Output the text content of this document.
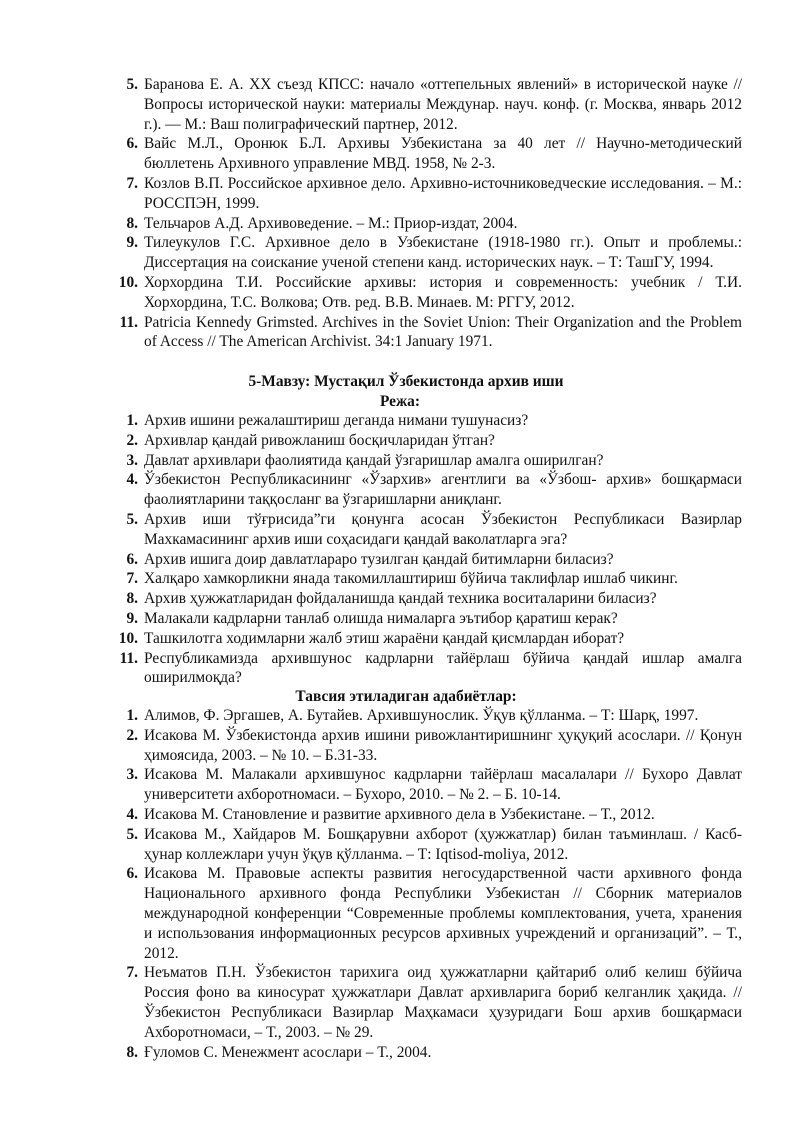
5. Баранова Е. А. XX съезд КПСС: начало «оттепельных явлений» в исторической науке // Вопросы исторической науки: материалы Междунар. науч. конф. (г. Москва, январь 2012 г.). — М.: Ваш полиграфический партнер, 2012.
6. Вайс М.Л., Оронюк Б.Л. Архивы Узбекистана за 40 лет // Научно-методический бюллетень Архивного управление МВД. 1958, № 2-3.
7. Козлов В.П. Российское архивное дело. Архивно-источниковедческие исследования. – М.: РОССПЭН, 1999.
8. Тельчаров А.Д. Архивоведение. – М.: Приор-издат, 2004.
9. Тилеукулов Г.С. Архивное дело в Узбекистане (1918-1980 гг.). Опыт и проблемы.: Диссертация на соискание ученой степени канд. исторических наук. – Т: ТашГУ, 1994.
10. Хорхордина Т.И. Российские архивы: история и современность: учебник / Т.И. Хорхордина, Т.С. Волкова; Отв. ред. В.В. Минаев. М: РГГУ, 2012.
11. Patricia Kennedy Grimsted. Archives in the Soviet Union: Their Organization and the Problem of Access // The American Archivist. 34:1 January 1971.
5-Мавзу: Мустақил Ўзбекистонда архив иши
Режа:
1. Архив ишини режалаштириш деганда нимани тушунасиз?
2. Архивлар қандай ривожланиш босқичларидан ўтган?
3. Давлат архивлари фаолиятида қандай ўзгаришлар амалга оширилган?
4. Ўзбекистон Республикасининг «Ўзархив» агентлиги ва «Ўзбош- архив» бошқармаси фаолиятларини таққосланг ва ўзгаришларни аниқланг.
5. Архив иши тўғрисида”ги қонунга асосан Ўзбекистон Республикаси Вазирлар Махкамасининг архив иши соҳасидаги қандай ваколатларга эга?
6. Архив ишига доир давлатлараро тузилган қандай битимларни биласиз?
7. Халқаро хамкорликни янада такомиллаштириш бўйича таклифлар ишлаб чикинг.
8. Архив ҳужжатларидан фойдаланишда қандай техника воситаларини биласиз?
9. Малакали кадрларни танлаб олишда нималарга эътибор қаратиш керак?
10. Ташкилотга ходимларни жалб этиш жараёни қандай қисмлардан иборат?
11. Республикамизда архившунос кадрларни тайёрлаш бўйича қандай ишлар амалга оширилмоқда?
Тавсия этиладиган адабиётлар:
1. Алимов, Ф. Эргашев, А. Бутайев. Архившунослик. Ўқув қўлланма. – Т: Шарқ, 1997.
2. Исакова М. Ўзбекистонда архив ишини ривожлантиришнинг ҳуқуқий асослари. // Қонун ҳимоясида, 2003. – № 10. – Б.31-33.
3. Исакова М. Малакали архившунос кадрларни тайёрлаш масалалари // Бухоро Давлат университети ахборотномаси. – Бухоро, 2010. – № 2. – Б. 10-14.
4. Исакова М. Становление и развитие архивного дела в Узбекистане. – Т., 2012.
5. Исакова М., Хайдаров М. Бошқарувни ахборот (ҳужжатлар) билан таъминлаш. / Касб-ҳунар коллежлари учун ўқув қўлланма. – Т: Iqtisod-moliya, 2012.
6. Исакова М. Правовые аспекты развития негосударственной части архивного фонда Национального архивного фонда Республики Узбекистан // Сборник материалов международной конференции “Современные проблемы комплектования, учета, хранения и использования информационных ресурсов архивных учреждений и организаций”. – Т., 2012.
7. Неъматов П.Н. Ўзбекистон тарихига оид ҳужжатларни қайтариб олиб келиш бўйича Россия фоно ва киносурат ҳужжатлари Давлат архивларига бориб келганлик ҳақида. // Ўзбекистон Республикаси Вазирлар Маҳкамаси ҳузуридаги Бош архив бошқармаси Ахборотномаси, – Т., 2003. – № 29.
8. Ғуломов С. Менежмент асослари – Т., 2004.
